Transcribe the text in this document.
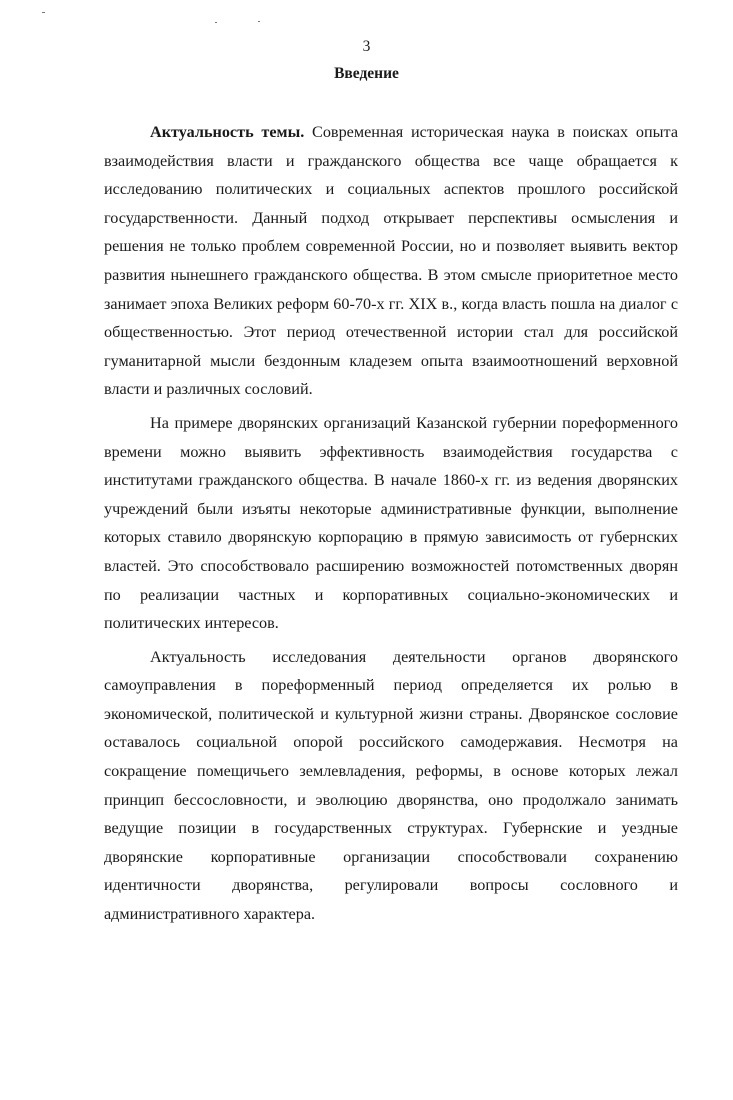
3
Введение

Актуальность темы. Современная историческая наука в поисках опыта взаимодействия власти и гражданского общества все чаще обращается к исследованию политических и социальных аспектов прошлого российской государственности. Данный подход открывает перспективы осмысления и решения не только проблем современной России, но и позволяет выявить вектор развития нынешнего гражданского общества. В этом смысле приоритетное место занимает эпоха Великих реформ 60-70-х гг. XIX в., когда власть пошла на диалог с общественностью. Этот период отечественной истории стал для российской гуманитарной мысли бездонным кладезем опыта взаимоотношений верховной власти и различных сословий.

На примере дворянских организаций Казанской губернии пореформенного времени можно выявить эффективность взаимодействия государства с институтами гражданского общества. В начале 1860-х гг. из ведения дворянских учреждений были изъяты некоторые административные функции, выполнение которых ставило дворянскую корпорацию в прямую зависимость от губернских властей. Это способствовало расширению возможностей потомственных дворян по реализации частных и корпоративных социально-экономических и политических интересов.

Актуальность исследования деятельности органов дворянского самоуправления в пореформенный период определяется их ролью в экономической, политической и культурной жизни страны. Дворянское сословие оставалось социальной опорой российского самодержавия. Несмотря на сокращение помещичьего землевладения, реформы, в основе которых лежал принцип бессословности, и эволюцию дворянства, оно продолжало занимать ведущие позиции в государственных структурах. Губернские и уездные дворянские корпоративные организации способствовали сохранению идентичности дворянства, регулировали вопросы сословного и административного характера.
